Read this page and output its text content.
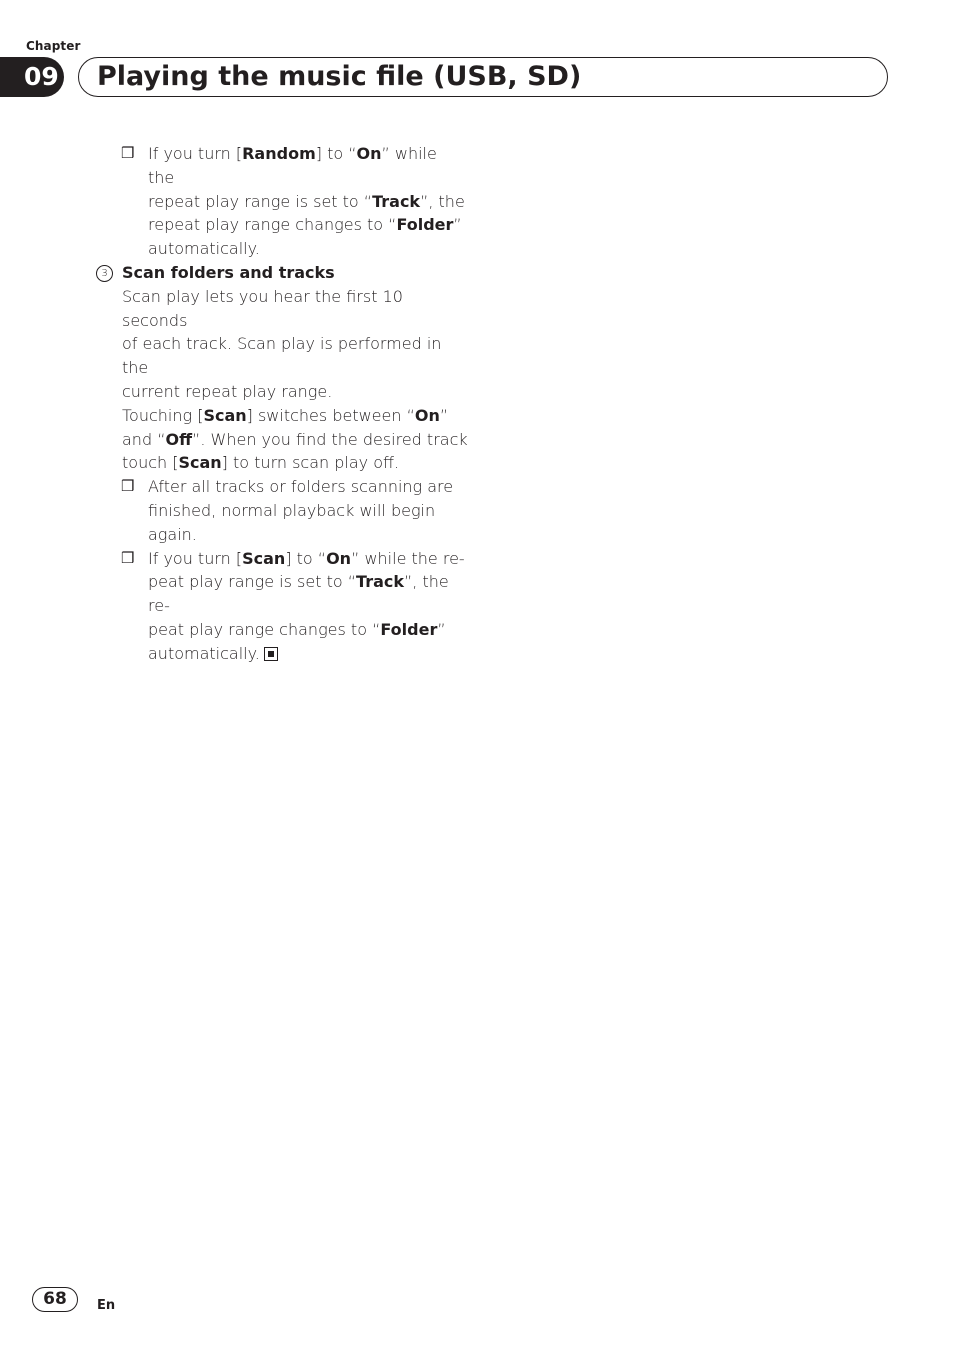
Chapter
09 Playing the music file (USB, SD)
❒ If you turn [Random] to “On” while the
repeat play range is set to “Track”, the
repeat play range changes to “Folder”
automatically.
3 Scan folders and tracks
Scan play lets you hear the first 10 seconds
of each track. Scan play is performed in the
current repeat play range.
Touching [Scan] switches between “On”
and “Off”. When you find the desired track
touch [Scan] to turn scan play off.
❒ After all tracks or folders scanning are
finished, normal playback will begin
again.
❒ If you turn [Scan] to “On” while the re-
peat play range is set to “Track”, the re-
peat play range changes to “Folder”
automatically.
68	En
